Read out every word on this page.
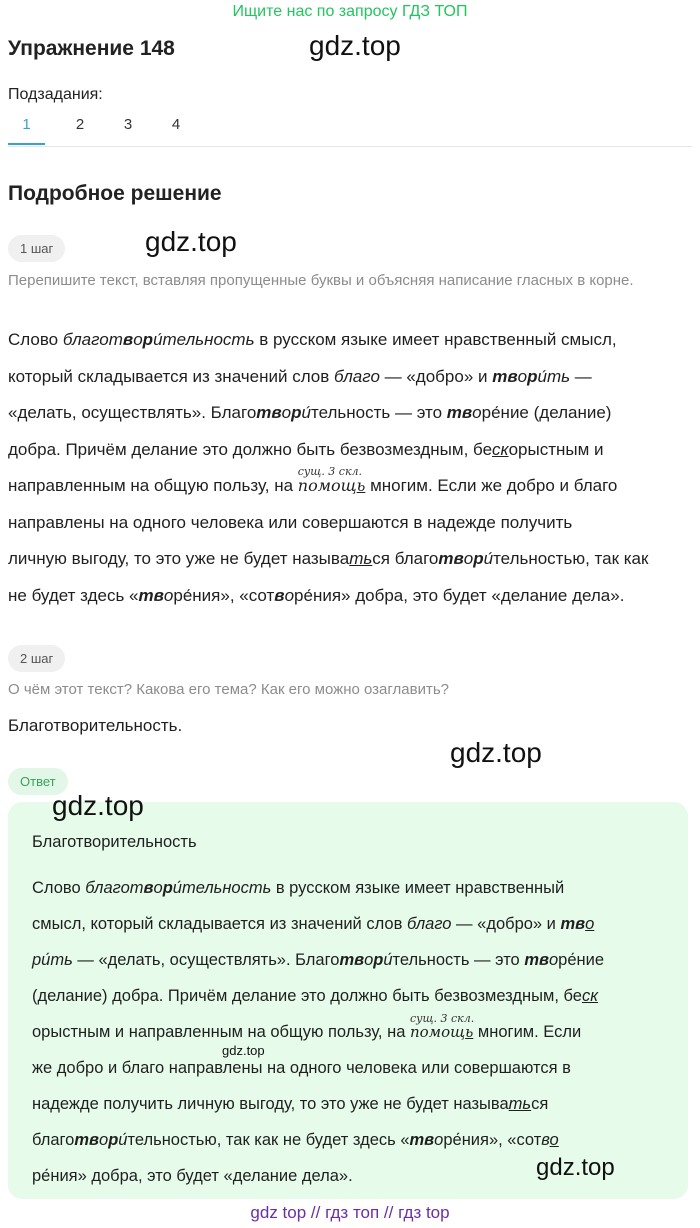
Ищите нас по запросу ГДЗ ТОП
Упражнение 148	gdz.top
Подзадания:
1	2	3	4
Подробное решение
1 шаг	gdz.top
Перепишите текст, вставляя пропущенные буквы и объясняя написание гласных в корне.
Слово благотвори́тельность в русском языке имеет нравственный смысл,
который складывается из значений слов благо — «добро» и твори́ть —
«делать, осуществлять». Благотвори́тельность — это творе́ние (делание)
добра. Причём делание это должно быть безвозмездным, бескорыстным и
направленным на общую пользу, на
сущ. 3 скл.
помощь многим. Если же добро и благо
направлены на одного человека или совершаются в надежде получить
личную выгоду, то это уже не будет называться благотвори́тельностью, так как
не будет здесь «творе́ния», «сотворе́ния» добра, это будет «делание дела».
2 шаг
О чём этот текст? Какова его тема? Как его можно озаглавить?
Благотворительность.
gdz.top
Ответ
gdz.top
Благотворительность
Слово благотвори́тельность в русском языке имеет нравственный
смысл, который складывается из значений слов благо — «добро» и тво
ри́ть — «делать, осуществлять». Благотвори́тельность — это творе́ние
(делание) добра. Причём делание это должно быть безвозмездным, беск
орыстным и направленным на общую пользу, на
сущ. 3 скл.
помощь многим. Если
же добро и благо направлены на одного человека или совершаются в
надежде получить личную выгоду, то это уже не будет называться
благотвори́тельностью, так как не будет здесь «творе́ния», «сотво
ре́ния» добра, это будет «делание дела».
gdz.top
gdz.top
gdz top // гдз топ // гдз top
